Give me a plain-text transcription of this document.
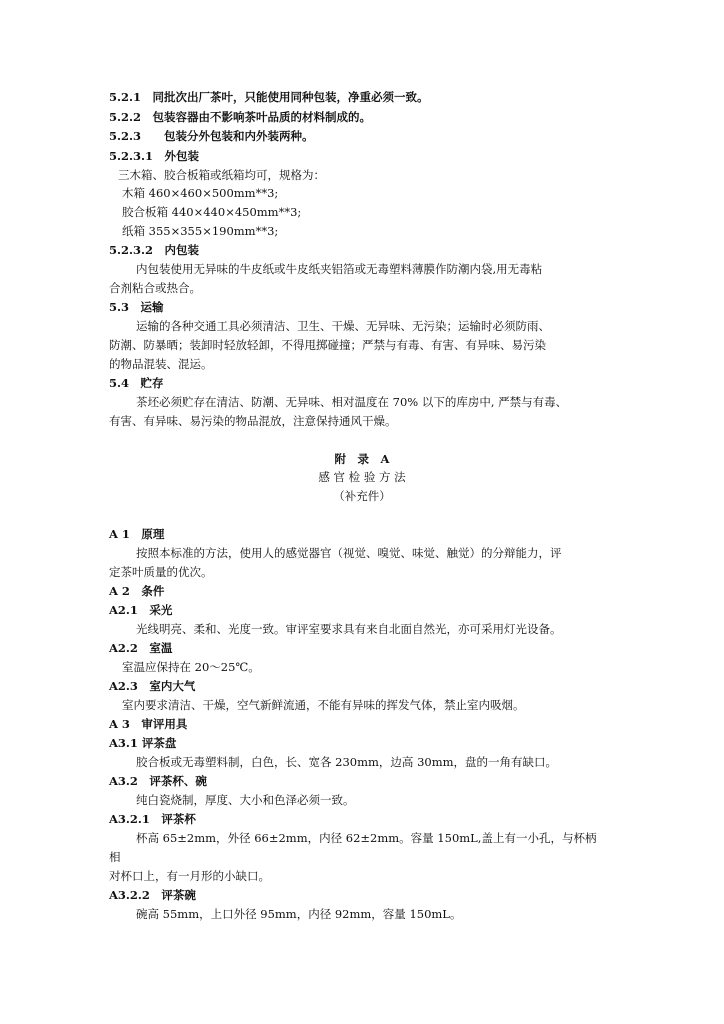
5.2.1　同批次出厂茶叶，只能使用同种包装，净重必须一致。
5.2.2　包装容器由不影响茶叶品质的材料制成的。
5.2.3　　包装分外包装和内外装两种。
5.2.3.1　外包装
三木箱、胶合板箱或纸箱均可，规格为：
木箱 460×460×500mm**3;
胶合板箱 440×440×450mm**3;
纸箱 355×355×190mm**3;
5.2.3.2　内包装
内包装使用无异味的牛皮纸或牛皮纸夹铝箔或无毒塑料薄膜作防潮内袋,用无毒粘
合剂粘合或热合。
5.3　运输
运输的各种交通工具必须清洁、卫生、干燥、无异味、无污染；运输时必须防雨、
防潮、防暴晒；装卸时轻放轻卸，不得甩掷碰撞；严禁与有毒、有害、有异味、易污染
的物品混装、混运。
5.4　贮存
茶坯必须贮存在清洁、防潮、无异味、相对温度在 70% 以下的库房中, 严禁与有毒、
有害、有异味、易污染的物品混放，注意保持通风干燥。
附　录　A
感 官 检 验 方 法
（补充件）
A 1　原理
按照本标准的方法，使用人的感觉器官（视觉、嗅觉、味觉、触觉）的分辩能力，评
定茶叶质量的优次。
A 2　条件
A2.1　采光
光线明亮、柔和、光度一致。审评室要求具有来自北面自然光，亦可采用灯光设备。
A2.2　室温
室温应保持在 20～25℃。
A2.3　室内大气
室内要求清洁、干燥，空气新鲜流通，不能有异味的挥发气体，禁止室内吸烟。
A 3　审评用具
A3.1 评茶盘
胶合板或无毒塑料制，白色，长、宽各 230mm，边高 30mm，盘的一角有缺口。
A3.2　评茶杯、碗
纯白瓷烧制，厚度、大小和色泽必须一致。
A3.2.1　评茶杯
杯高 65±2mm，外径 66±2mm，内径 62±2mm。容量 150mL,盖上有一小孔，与杯柄
相
对杯口上，有一月形的小缺口。
A3.2.2　评茶碗
碗高 55mm，上口外径 95mm，内径 92mm，容量 150mL。
